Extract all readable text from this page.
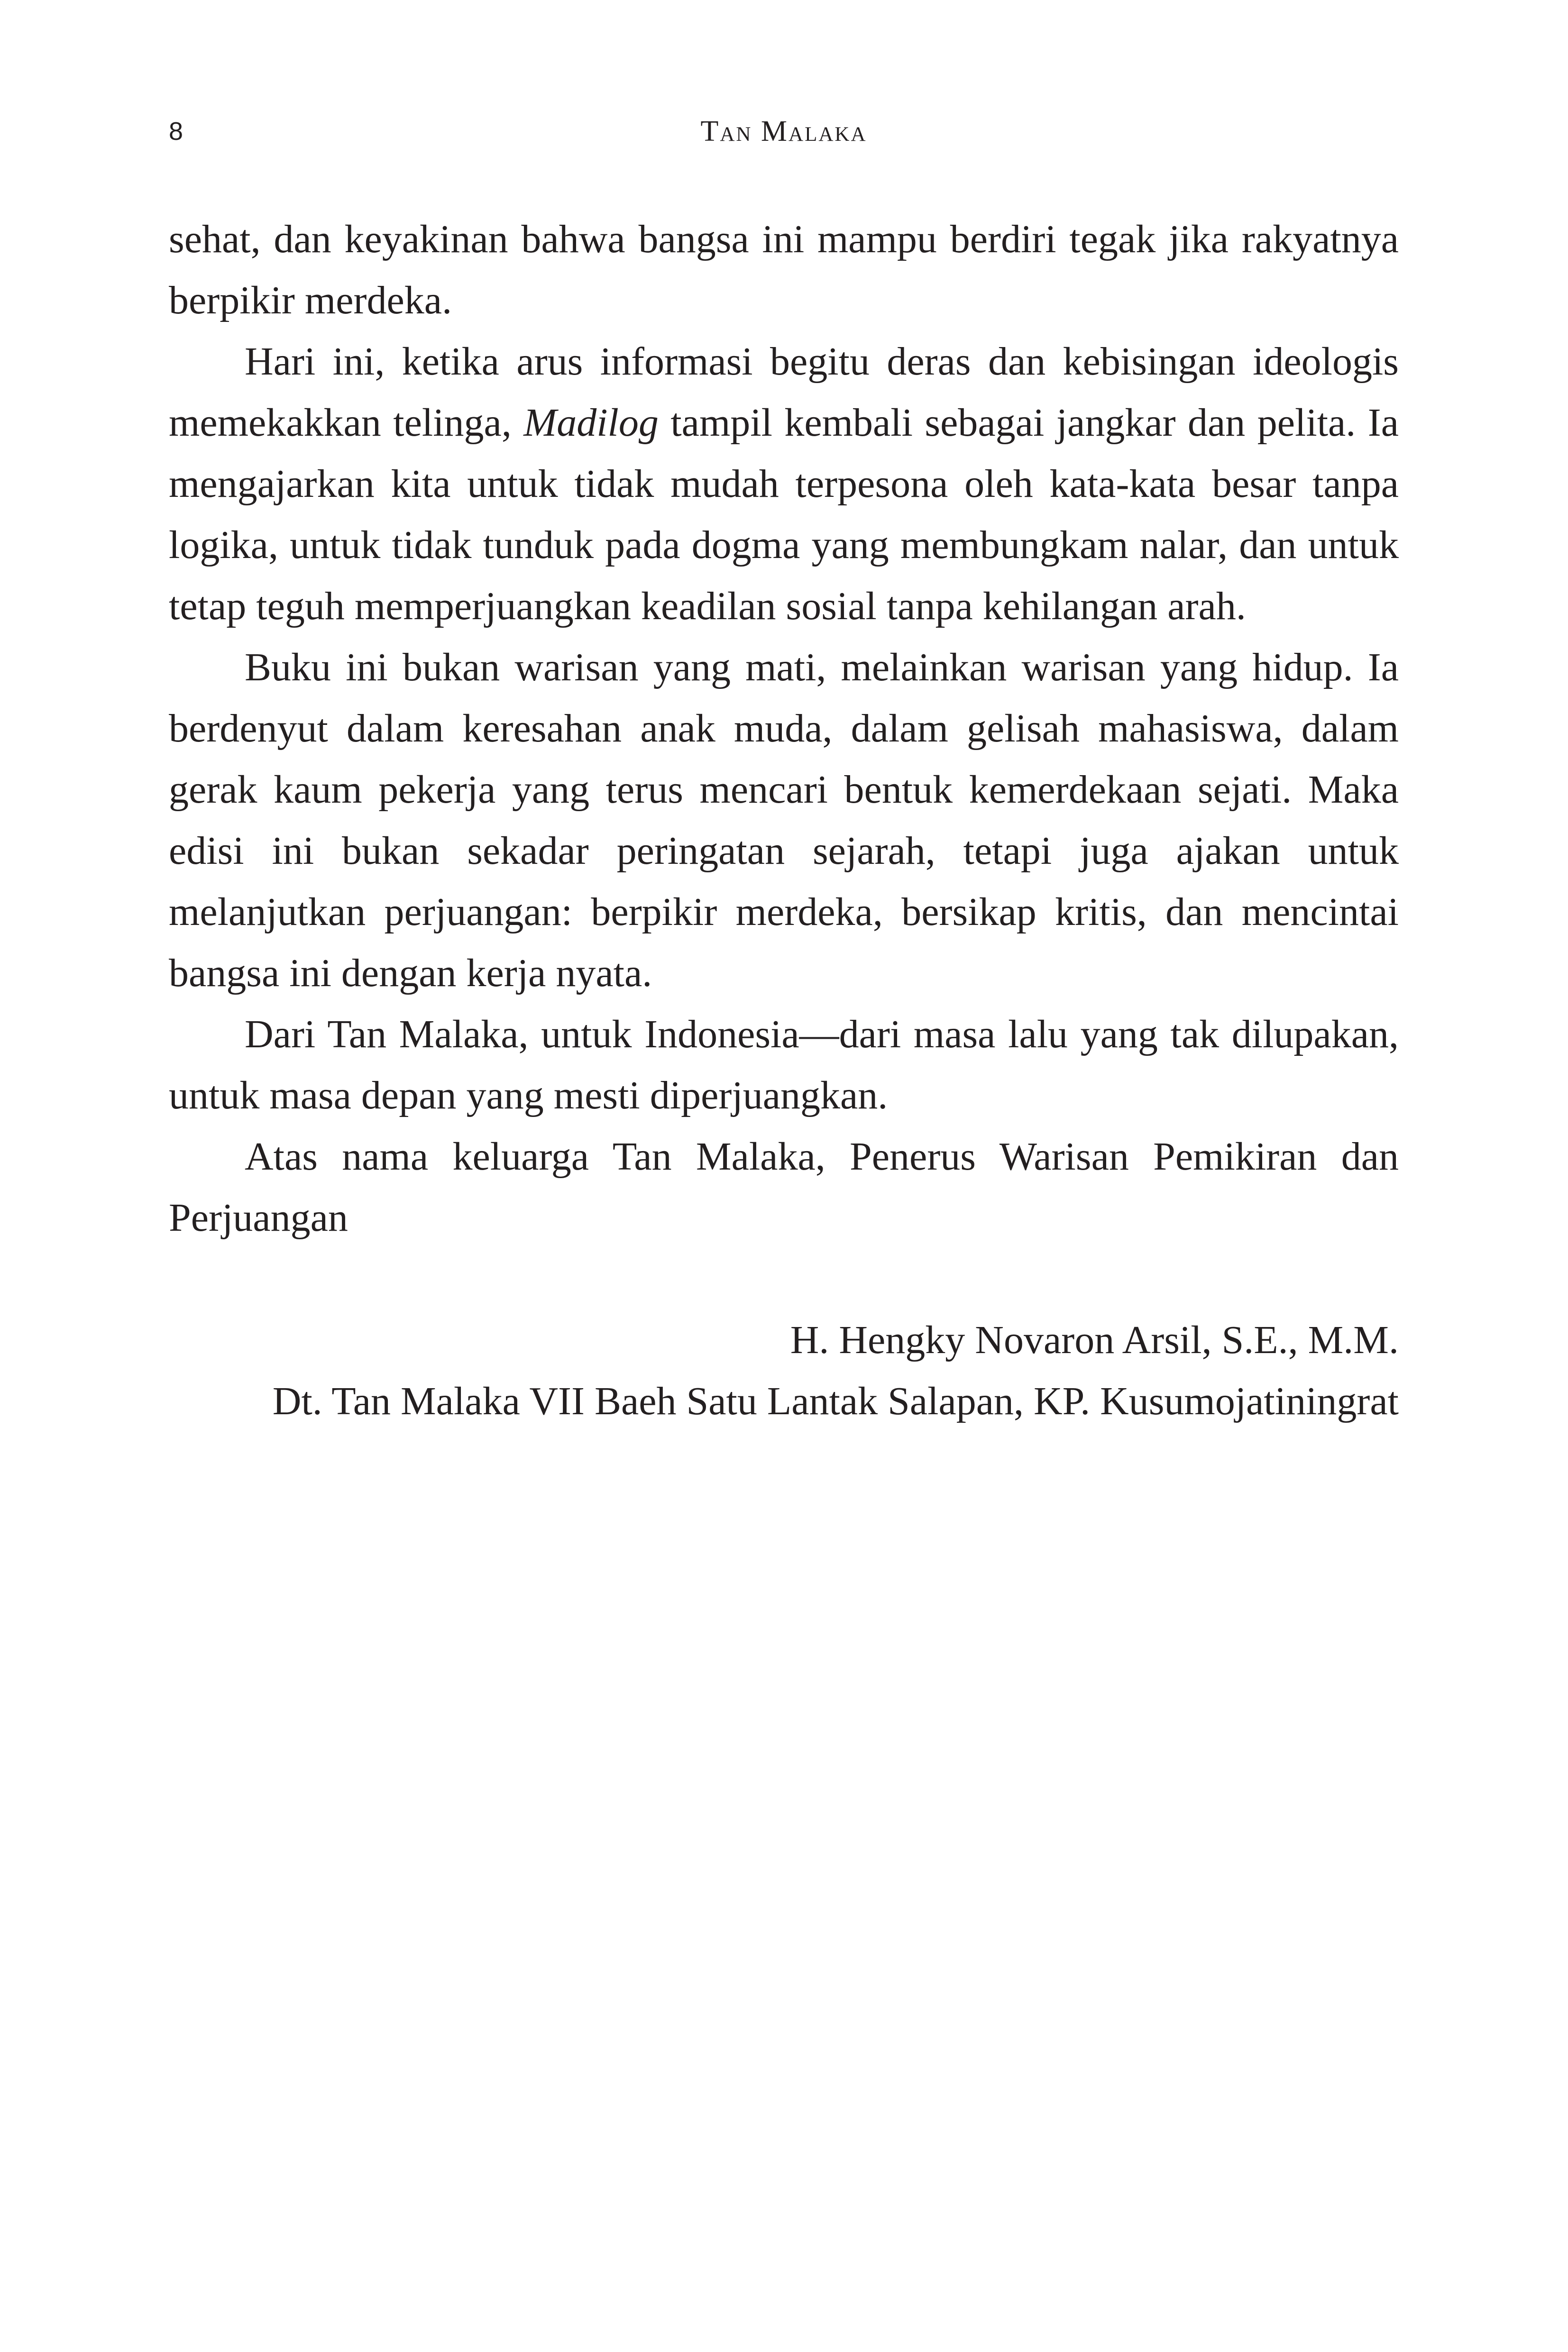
8	Tan Malaka

sehat, dan keyakinan bahwa bangsa ini mampu berdiri tegak jika rakyatnya berpikir merdeka.

Hari ini, ketika arus informasi begitu deras dan kebisingan ideologis memekakkan telinga, Madilog tampil kembali sebagai jangkar dan pelita. Ia mengajarkan kita untuk tidak mudah terpesona oleh kata-kata besar tanpa logika, untuk tidak tunduk pada dogma yang membungkam nalar, dan untuk tetap teguh memperjuangkan keadilan sosial tanpa kehilangan arah.

Buku ini bukan warisan yang mati, melainkan warisan yang hidup. Ia berdenyut dalam keresahan anak muda, dalam gelisah mahasiswa, dalam gerak kaum pekerja yang terus mencari bentuk kemerdekaan sejati. Maka edisi ini bukan sekadar peringatan sejarah, tetapi juga ajakan untuk melanjutkan perjuangan: berpikir merdeka, bersikap kritis, dan mencintai bangsa ini dengan kerja nyata.

Dari Tan Malaka, untuk Indonesia—dari masa lalu yang tak dilupakan, untuk masa depan yang mesti diperjuangkan.

Atas nama keluarga Tan Malaka, Penerus Warisan Pemikiran dan Perjuangan

H. Hengky Novaron Arsil, S.E., M.M.
Dt. Tan Malaka VII Baeh Satu Lantak Salapan, KP. Kusumojatiningrat
